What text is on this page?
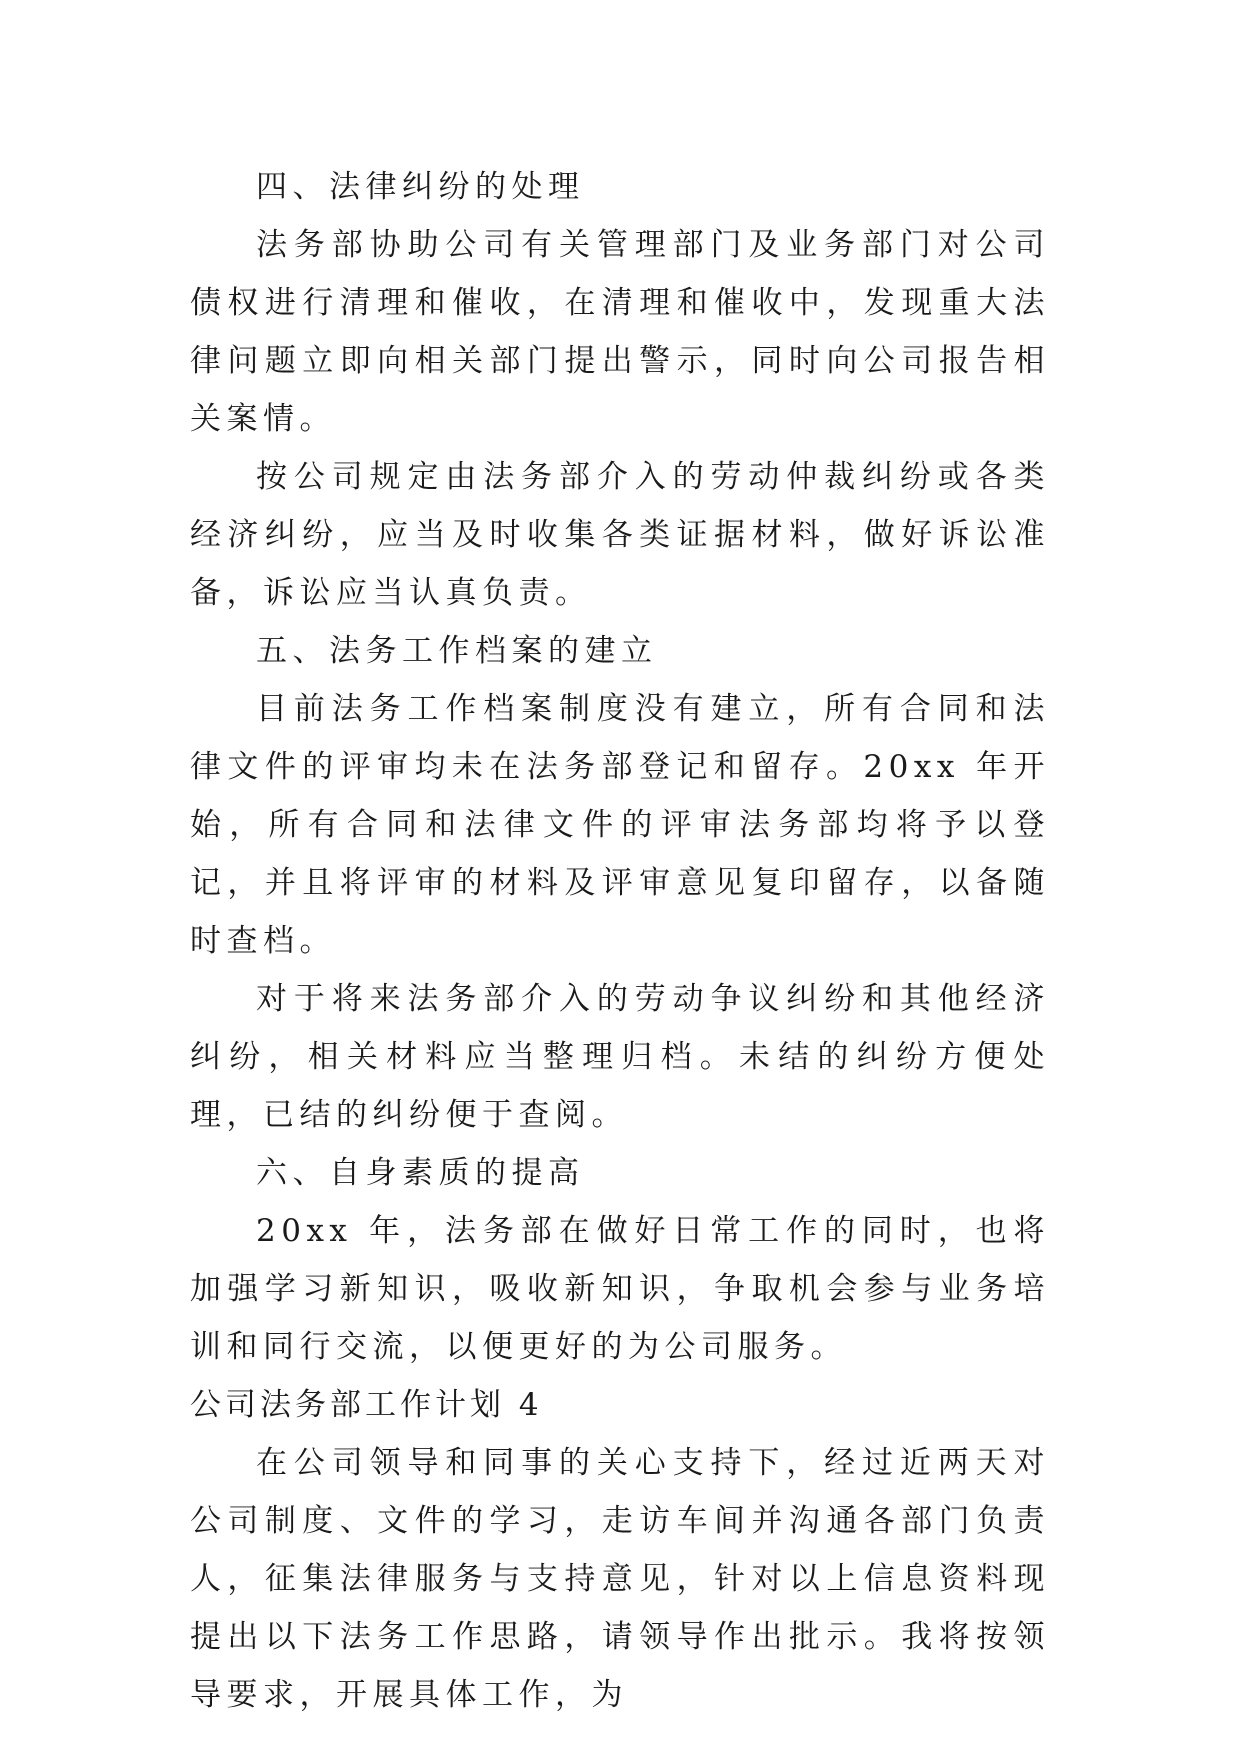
四、法律纠纷的处理

法务部协助公司有关管理部门及业务部门对公司债权进行清理和催收，在清理和催收中，发现重大法律问题立即向相关部门提出警示，同时向公司报告相关案情。

按公司规定由法务部介入的劳动仲裁纠纷或各类经济纠纷，应当及时收集各类证据材料，做好诉讼准备，诉讼应当认真负责。

五、法务工作档案的建立

目前法务工作档案制度没有建立，所有合同和法律文件的评审均未在法务部登记和留存。20xx 年开始，所有合同和法律文件的评审法务部均将予以登记，并且将评审的材料及评审意见复印留存，以备随时查档。

对于将来法务部介入的劳动争议纠纷和其他经济纠纷，相关材料应当整理归档。未结的纠纷方便处理，已结的纠纷便于查阅。

六、自身素质的提高

20xx 年，法务部在做好日常工作的同时，也将加强学习新知识，吸收新知识，争取机会参与业务培训和同行交流，以便更好的为公司服务。

公司法务部工作计划 4

在公司领导和同事的关心支持下，经过近两天对公司制度、文件的学习，走访车间并沟通各部门负责人，征集法律服务与支持意见，针对以上信息资料现提出以下法务工作思路，请领导作出批示。我将按领导要求，开展具体工作，为
